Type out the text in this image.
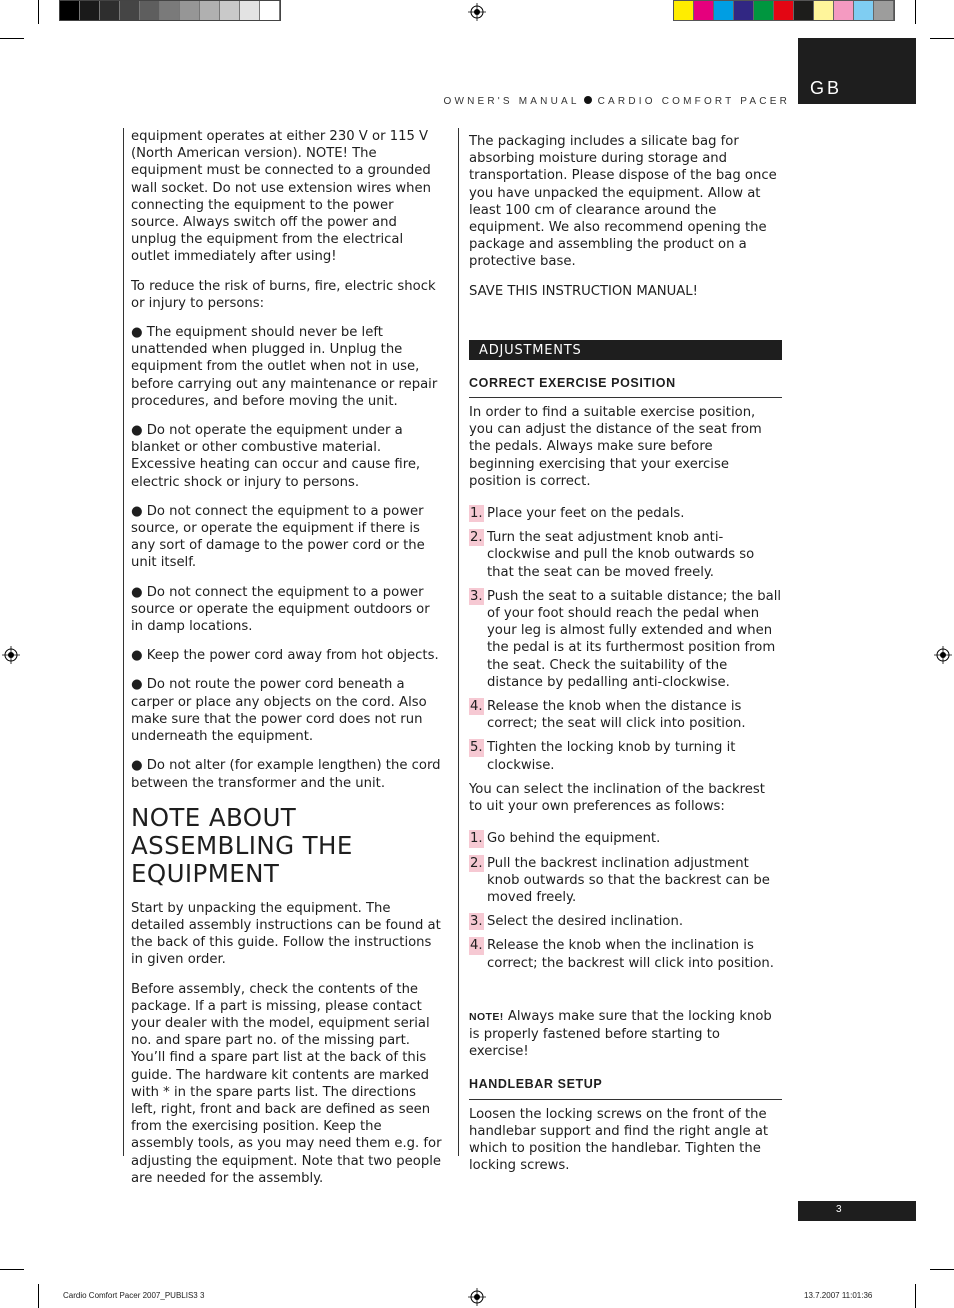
OWNER'S MANUAL CARDIO COMFORT PACER
GB

equipment operates at either 230 V or 115 V (North American version). NOTE! The equipment must be connected to a grounded wall socket. Do not use extension wires when connecting the equipment to the power source. Always switch off the power and unplug the equipment from the electrical outlet immediately after using!

To reduce the risk of burns, fire, electric shock or injury to persons:

● The equipment should never be left unattended when plugged in. Unplug the equipment from the outlet when not in use, before carrying out any maintenance or repair procedures, and before moving the unit.

● Do not operate the equipment under a blanket or other combustive material. Excessive heating can occur and cause fire, electric shock or injury to persons.

● Do not connect the equipment to a power source, or operate the equipment if there is any sort of damage to the power cord or the unit itself.

● Do not connect the equipment to a power source or operate the equipment outdoors or in damp locations.

● Keep the power cord away from hot objects.

● Do not route the power cord beneath a carper or place any objects on the cord. Also make sure that the power cord does not run underneath the equipment.

● Do not alter (for example lengthen) the cord between the transformer and the unit.

NOTE ABOUT ASSEMBLING THE EQUIPMENT

Start by unpacking the equipment. The detailed assembly instructions can be found at the back of this guide. Follow the instructions in given order.

Before assembly, check the contents of the package. If a part is missing, please contact your dealer with the model, equipment serial no. and spare part no. of the missing part. You’ll find a spare part list at the back of this guide. The hardware kit contents are marked with * in the spare parts list. The directions left, right, front and back are defined as seen from the exercising position. Keep the assembly tools, as you may need them e.g. for adjusting the equipment. Note that two people are needed for the assembly.

The packaging includes a silicate bag for absorbing moisture during storage and transportation. Please dispose of the bag once you have unpacked the equipment. Allow at least 100 cm of clearance around the equipment. We also recommend opening the package and assembling the product on a protective base.

SAVE THIS INSTRUCTION MANUAL!

ADJUSTMENTS
CORRECT EXERCISE POSITION

In order to find a suitable exercise position, you can adjust the distance of the seat from the pedals. Always make sure before beginning exercising that your exercise position is correct.

1. Place your feet on the pedals.
2. Turn the seat adjustment knob anti-clockwise and pull the knob outwards so that the seat can be moved freely.
3. Push the seat to a suitable distance; the ball of your foot should reach the pedal when your leg is almost fully extended and when the pedal is at its furthermost position from the seat. Check the suitability of the distance by pedalling anti-clockwise.
4. Release the knob when the distance is correct; the seat will click into position.
5. Tighten the locking knob by turning it clockwise.

You can select the inclination of the backrest to uit your own preferences as follows:

1. Go behind the equipment.
2. Pull the backrest inclination adjustment knob outwards so that the backrest can be moved freely.
3. Select the desired inclination.
4. Release the knob when the inclination is correct; the backrest will click into position.

NOTE! Always make sure that the locking knob is properly fastened before starting to exercise!

HANDLEBAR SETUP

Loosen the locking screws on the front of the handlebar support and find the right angle at which to position the handlebar. Tighten the locking screws.

3
Cardio Comfort Pacer 2007_PUBLIS3 3	13.7.2007 11:01:36
